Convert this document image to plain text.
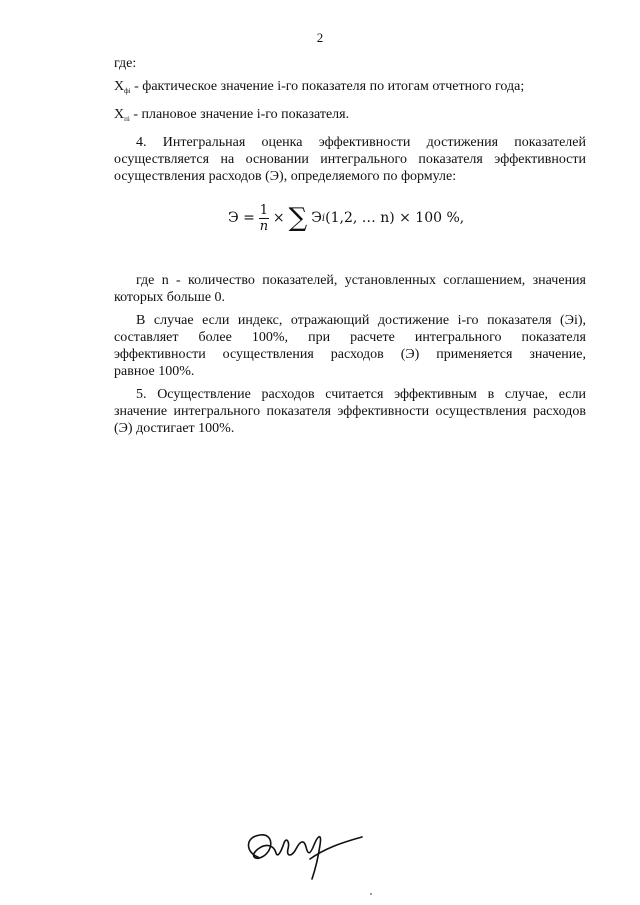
2
где:
$X_{фi}$ - фактическое значение i-го показателя по итогам отчетного года;
$X_{пi}$ - плановое значение i-го показателя.
4. Интегральная оценка эффективности достижения показателей
осуществляется на основании интегрального показателя эффективности
осуществления расходов (Э), определяемого по формуле:
где n - количество показателей, установленных соглашением, значения
которых больше 0.
В случае если индекс, отражающий достижение i-го показателя (Эi),
составляет более 100%, при расчете интегрального показателя
эффективности осуществления расходов (Э) применяется значение,
равное 100%.
5. Осуществление расходов считается эффективным в случае, если
значение интегрального показателя эффективности осуществления расходов
(Э) достигает 100%.
$Э = \frac{1}{n}$ × ∑ Э i (1,2, … n) × 100 %,
